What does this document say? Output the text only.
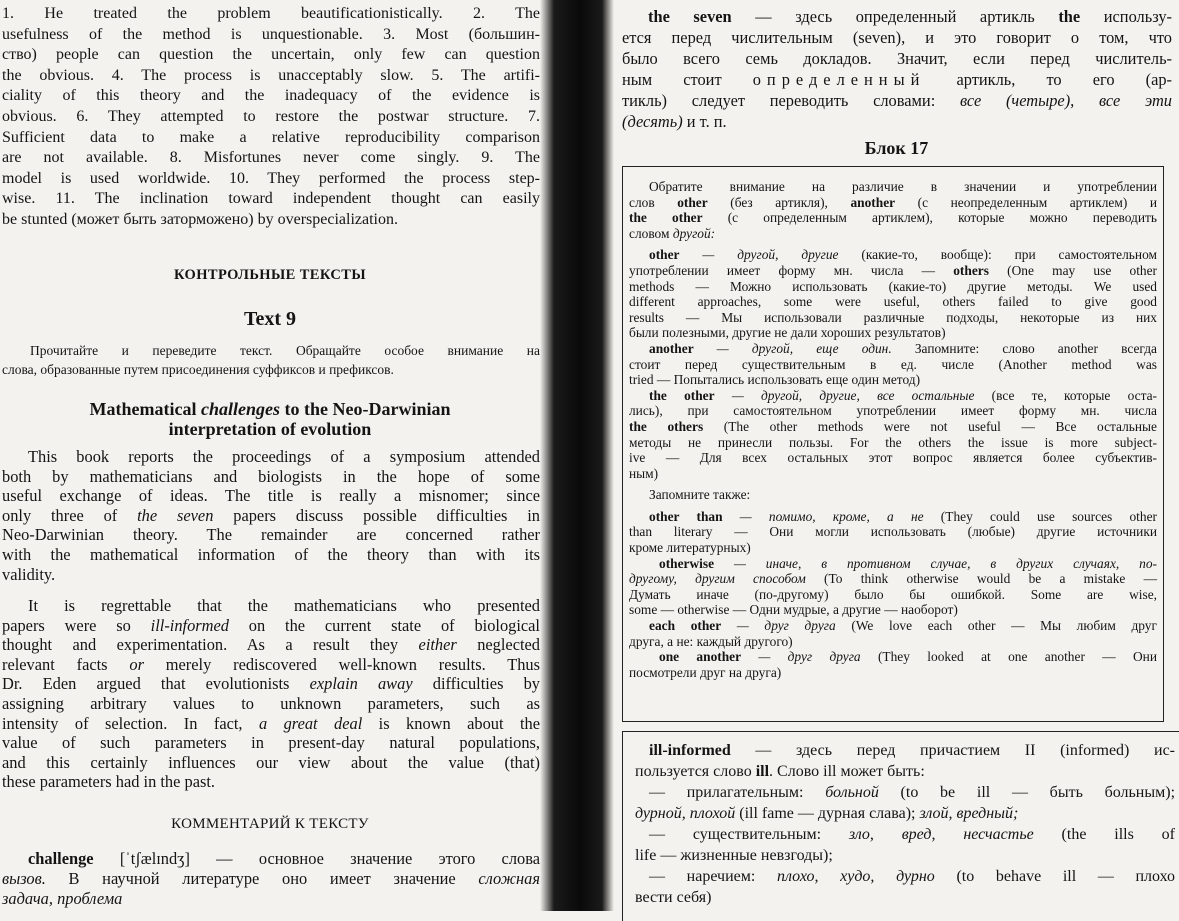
1. He treated the problem beautificationistically. 2. The

usefulness of the method is unquestionable. 3. Most (большин-

ство) people can question the uncertain, only few can question

the obvious. 4. The process is unacceptably slow. 5. The artifi-

ciality of this theory and the inadequacy of the evidence is

obvious. 6. They attempted to restore the postwar structure. 7.

Sufficient data to make a relative reproducibility comparison

are not available. 8. Misfortunes never come singly. 9. The

model is used worldwide. 10. They performed the process step-

wise. 11. The inclination toward independent thought can easily

be stunted (может быть заторможено) by overspecialization.

КОНТРОЛЬНЫЕ ТЕКСТЫ
Text 9

Прочитайте и переведите текст. Обращайте особое внимание на

слова, образованные путем присоединения суффиксов и префиксов.

Mathematical challenges to the Neo-Darwinian

interpretation of evolution

This book reports the proceedings of a symposium attended

both by mathematicians and biologists in the hope of some

useful exchange of ideas. The title is really a misnomer; since

only three of the seven papers discuss possible difficulties in

Neo-Darwinian theory. The remainder are concerned rather

with the mathematical information of the theory than with its

validity.

It is regrettable that the mathematicians who presented

papers were so ill-informed on the current state of biological

thought and experimentation. As a result they either neglected

relevant facts or merely rediscovered well-known results. Thus

Dr. Eden argued that evolutionists explain away difficulties by

assigning arbitrary values to unknown parameters, such as

intensity of selection. In fact, a great deal is known about the

value of such parameters in present-day natural populations,

and this certainly influences our view about the value (that)

these parameters had in the past.

КОММЕНТАРИЙ К ТЕКСТУ

challenge [ˈtʃælɪndʒ] — основное значение этого слова

вызов. В научной литературе оно имеет значение сложная

задача, проблема

the seven — здесь определенный артикль the использу-

ется перед числительным (seven), и это говорит о том, что

было всего семь докладов. Значит, если перед числитель-

ным стоит определенный артикль, то его (ар-

тикль) следует переводить словами: все (четыре), все эти

(десять) и т. п.

Блок 17

Обратите внимание на различие в значении и употреблении

слов other (без артикля), another (с неопределенным артиклем) и

the other (с определенным артиклем), которые можно переводить

словом другой:

other — другой, другие (какие-то, вообще): при самостоятельном

употреблении имеет форму мн. числа — others (One may use other

methods — Можно использовать (какие-то) другие методы. We used

different approaches, some were useful, others failed to give good

results — Мы использовали различные подходы, некоторые из них

были полезными, другие не дали хороших результатов)

another — другой, еще один. Запомните: слово another всегда

стоит перед существительным в ед. числе (Another method was

tried — Попытались использовать еще один метод)

the other — другой, другие, все остальные (все те, которые оста-

лись), при самостоятельном употреблении имеет форму мн. числа

the others (The other methods were not useful — Все остальные

методы не принесли пользы. For the others the issue is more subject-

ive — Для всех остальных этот вопрос является более субъектив-

ным)

Запомните также:

other than — помимо, кроме, а не (They could use sources other

than literary — Они могли использовать (любые) другие источники

кроме литературных)

otherwise — иначе, в противном случае, в других случаях, по-

другому, другим способом (To think otherwise would be a mistake —

Думать иначе (по-другому) было бы ошибкой. Some are wise,

some — otherwise — Одни мудрые, а другие — наоборот)

each other — друг друга (We love each other — Мы любим друг

друга, а не: каждый другого)

one another — друг друга (They looked at one another — Они

посмотрели друг на друга)

ill-informed — здесь перед причастием II (informed) ис-

пользуется слово ill. Слово ill может быть:

— прилагательным: больной (to be ill — быть больным);

дурной, плохой (ill fame — дурная слава); злой, вредный;

— существительным: зло, вред, несчастье (the ills of

life — жизненные невзгоды);

— наречием: плохо, худо, дурно (to behave ill — плохо

вести себя)
